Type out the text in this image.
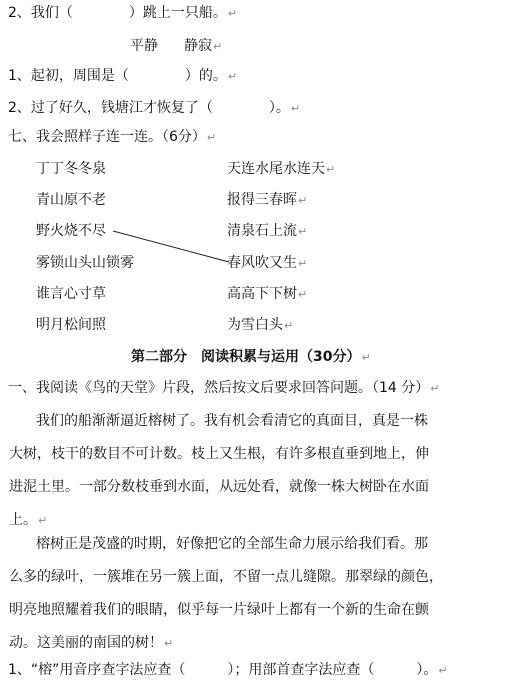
2、我们（　　　　）跳上一只船。↵
平静 静寂↵
1、起初，周围是（　　　　）的。↵
2、过了好久，钱塘江才恢复了（　　　　）。↵
七、我会照样子连一连。（6分）↵
丁丁冬冬泉
青山原不老
野火烧不尽
雾锁山头山锁雾
谁言心寸草
明月松间照
天连水尾水连天↵
报得三春晖↵
清泉石上流↵
春风吹又生↵
高高下下树↵
为雪白头↵
第二部分　阅读积累与运用（30分）↵
一、我阅读《鸟的天堂》片段，然后按文后要求回答问题。（14 分）↵

我们的船渐渐逼近榕树了。我有机会看清它的真面目，真是一株

大树，枝干的数目不可计数。枝上又生根，有许多根直垂到地上，伸

进泥土里。一部分数枝垂到水面，从远处看，就像一株大树卧在水面

上。↵

榕树正是茂盛的时期，好像把它的全部生命力展示给我们看。那

么多的绿叶，一簇堆在另一簇上面，不留一点儿缝隙。那翠绿的颜色，

明亮地照耀着我们的眼睛，似乎每一片绿叶上都有一个新的生命在颤

动。这美丽的南国的树！↵

1、“榕”用音序查字法应查（　　　）；用部首查字法应查（　　　）。↵
